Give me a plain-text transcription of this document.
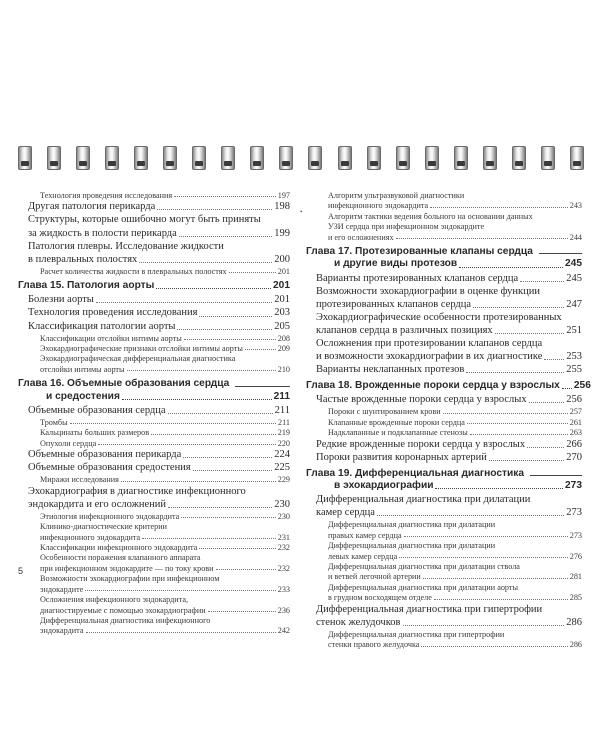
•
Технология проведения исследования	197
Другая патология перикарда	198
Структуры, которые ошибочно могут быть приняты
за жидкость в полости перикарда	199
Патология плевры. Исследование жидкости
в плевральных полостях	200
Расчет количества жидкости в плевральных полостях	201
Глава 15. Патология аорты	201
Болезни аорты	201
Технология проведения исследования	203
Классификация патологии аорты	205
Классификации отслойки интимы аорты	208
Эхокардиографические признаки отслойки интимы аорты	209
Эхокардиографическая дифференциальная диагностика
отслойки интимы аорты	210
Глава 16. Объемные образования сердца
и средостения	211
Объемные образования сердца	211
Тромбы	211
Кальцинаты больших размеров	219
Опухоли сердца	220
Объемные образования перикарда	224
Объемные образования средостения	225
Миражи исследования	229
Эхокардиография в диагностике инфекционного
эндокардита и его осложнений	230
Этиология инфекционного эндокардита	230
Клинико-диагностические критерии
инфекционного эндокардита	231
Классификации инфекционного эндокардита	232
Особенности поражения клапанного аппарата
при инфекционном эндокардите — по току крови	232
Возможности эхокардиографии при инфекционном
эндокардите	233
Осложнения инфекционного эндокардита,
диагностируемые с помощью эхокардиографии	236
Дифференциальная диагностика инфекционного
эндокардита	242
Алгоритм ультразвуковой диагностики
инфекционного эндокардита	243
Алгоритм тактики ведения больного на основании данных
УЗИ сердца при инфекционном эндокардите
и его осложнениях	244
Глава 17. Протезированные клапаны сердца
и другие виды протезов	245
Варианты протезированных клапанов сердца	245
Возможности эхокардиографии в оценке функции
протезированных клапанов сердца	247
Эхокардиографические особенности протезированных
клапанов сердца в различных позициях	251
Осложнения при протезировании клапанов сердца
и возможности эхокардиографии в их диагностике 253
Варианты неклапанных протезов	255
Глава 18. Врожденные пороки сердца у взрослых 256
Частые врожденные пороки сердца у взрослых	256
Пороки с шунтированием крови	257
Клапанные врожденные пороки сердца	261
Надклапанные и подклапанные стенозы	263
Редкие врожденные пороки сердца у взрослых	266
Пороки развития коронарных артерий	270
Глава 19. Дифференциальная диагностика
в эхокардиографии	273
Дифференциальная диагностика при дилатации
камер сердца	273
Дифференциальная диагностика при дилатации
правых камер сердца	273
Дифференциальная диагностика при дилатации
левых камер сердца	276
Дифференциальная диагностика при дилатации ствола
и ветвей легочной артерии	281
Дифференциальная диагностика при дилатации аорты
в грудном восходящем отделе	285
Дифференциальная диагностика при гипертрофии
стенок желудочков	286
Дифференциальная диагностика при гипертрофии
стенки правого желудочка	286
5
